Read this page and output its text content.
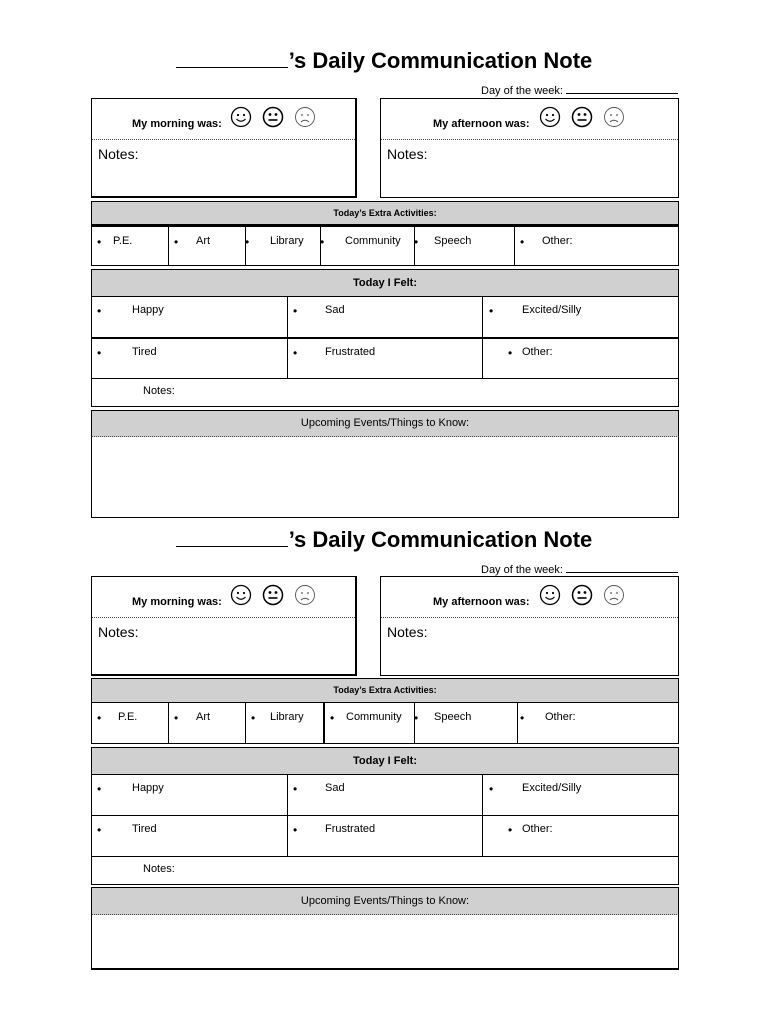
’s Daily Communication Note
Day of the week:
My morning was:
Notes:
My afternoon was:
Notes:
Today’s Extra Activities:
• P.E.	• Art	• Library • Community • Speech	• Other:
Today I Felt:
•	Happy	•	Sad	•	Excited/Silly
•	Tired	•	Frustrated	• Other:
Notes:
Upcoming Events/Things to Know:
’s Daily Communication Note
Day of the week:
My morning was:
Notes:
My afternoon was:
Notes:
Today’s Extra Activities:
• P.E.	• Art	• Library • Community • Speech	• Other:
Today I Felt:
•	Happy	•	Sad	•	Excited/Silly
•	Tired	•	Frustrated	• Other:
Notes:
Upcoming Events/Things to Know:
